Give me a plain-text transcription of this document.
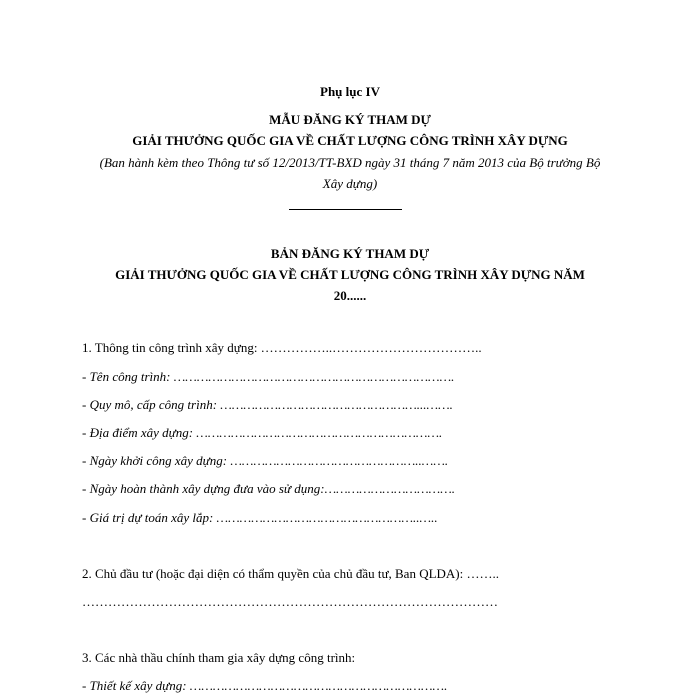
Phụ lục IV
MẪU ĐĂNG KÝ THAM DỰ
GIẢI THƯỞNG QUỐC GIA VỀ CHẤT LƯỢNG CÔNG TRÌNH XÂY DỰNG
(Ban hành kèm theo Thông tư số 12/2013/TT-BXD ngày 31 tháng 7 năm 2013 của Bộ trưởng Bộ
Xây dựng)
BẢN ĐĂNG KÝ THAM DỰ
GIẢI THƯỞNG QUỐC GIA VỀ CHẤT LƯỢNG CÔNG TRÌNH XÂY DỰNG NĂM
20......
1. Thông tin công trình xây dựng: ……………..……………………………..
- Tên công trình: ……………………………………………………………….
- Quy mô, cấp công trình: ……………………………………………...…….
- Địa điểm xây dựng: ……………………………………………………….
- Ngày khởi công xây dựng: …………………………………………..…….
- Ngày hoàn thành xây dựng đưa vào sử dụng:…………………………….
- Giá trị dự toán xây lắp: ……………………………………………..…..
2. Chủ đầu tư (hoặc đại diện có thẩm quyền của chủ đầu tư, Ban QLDA): ……..
……………………………………………………………………………………
3. Các nhà thầu chính tham gia xây dựng công trình:
- Thiết kế xây dựng: ………………………………………………………….
